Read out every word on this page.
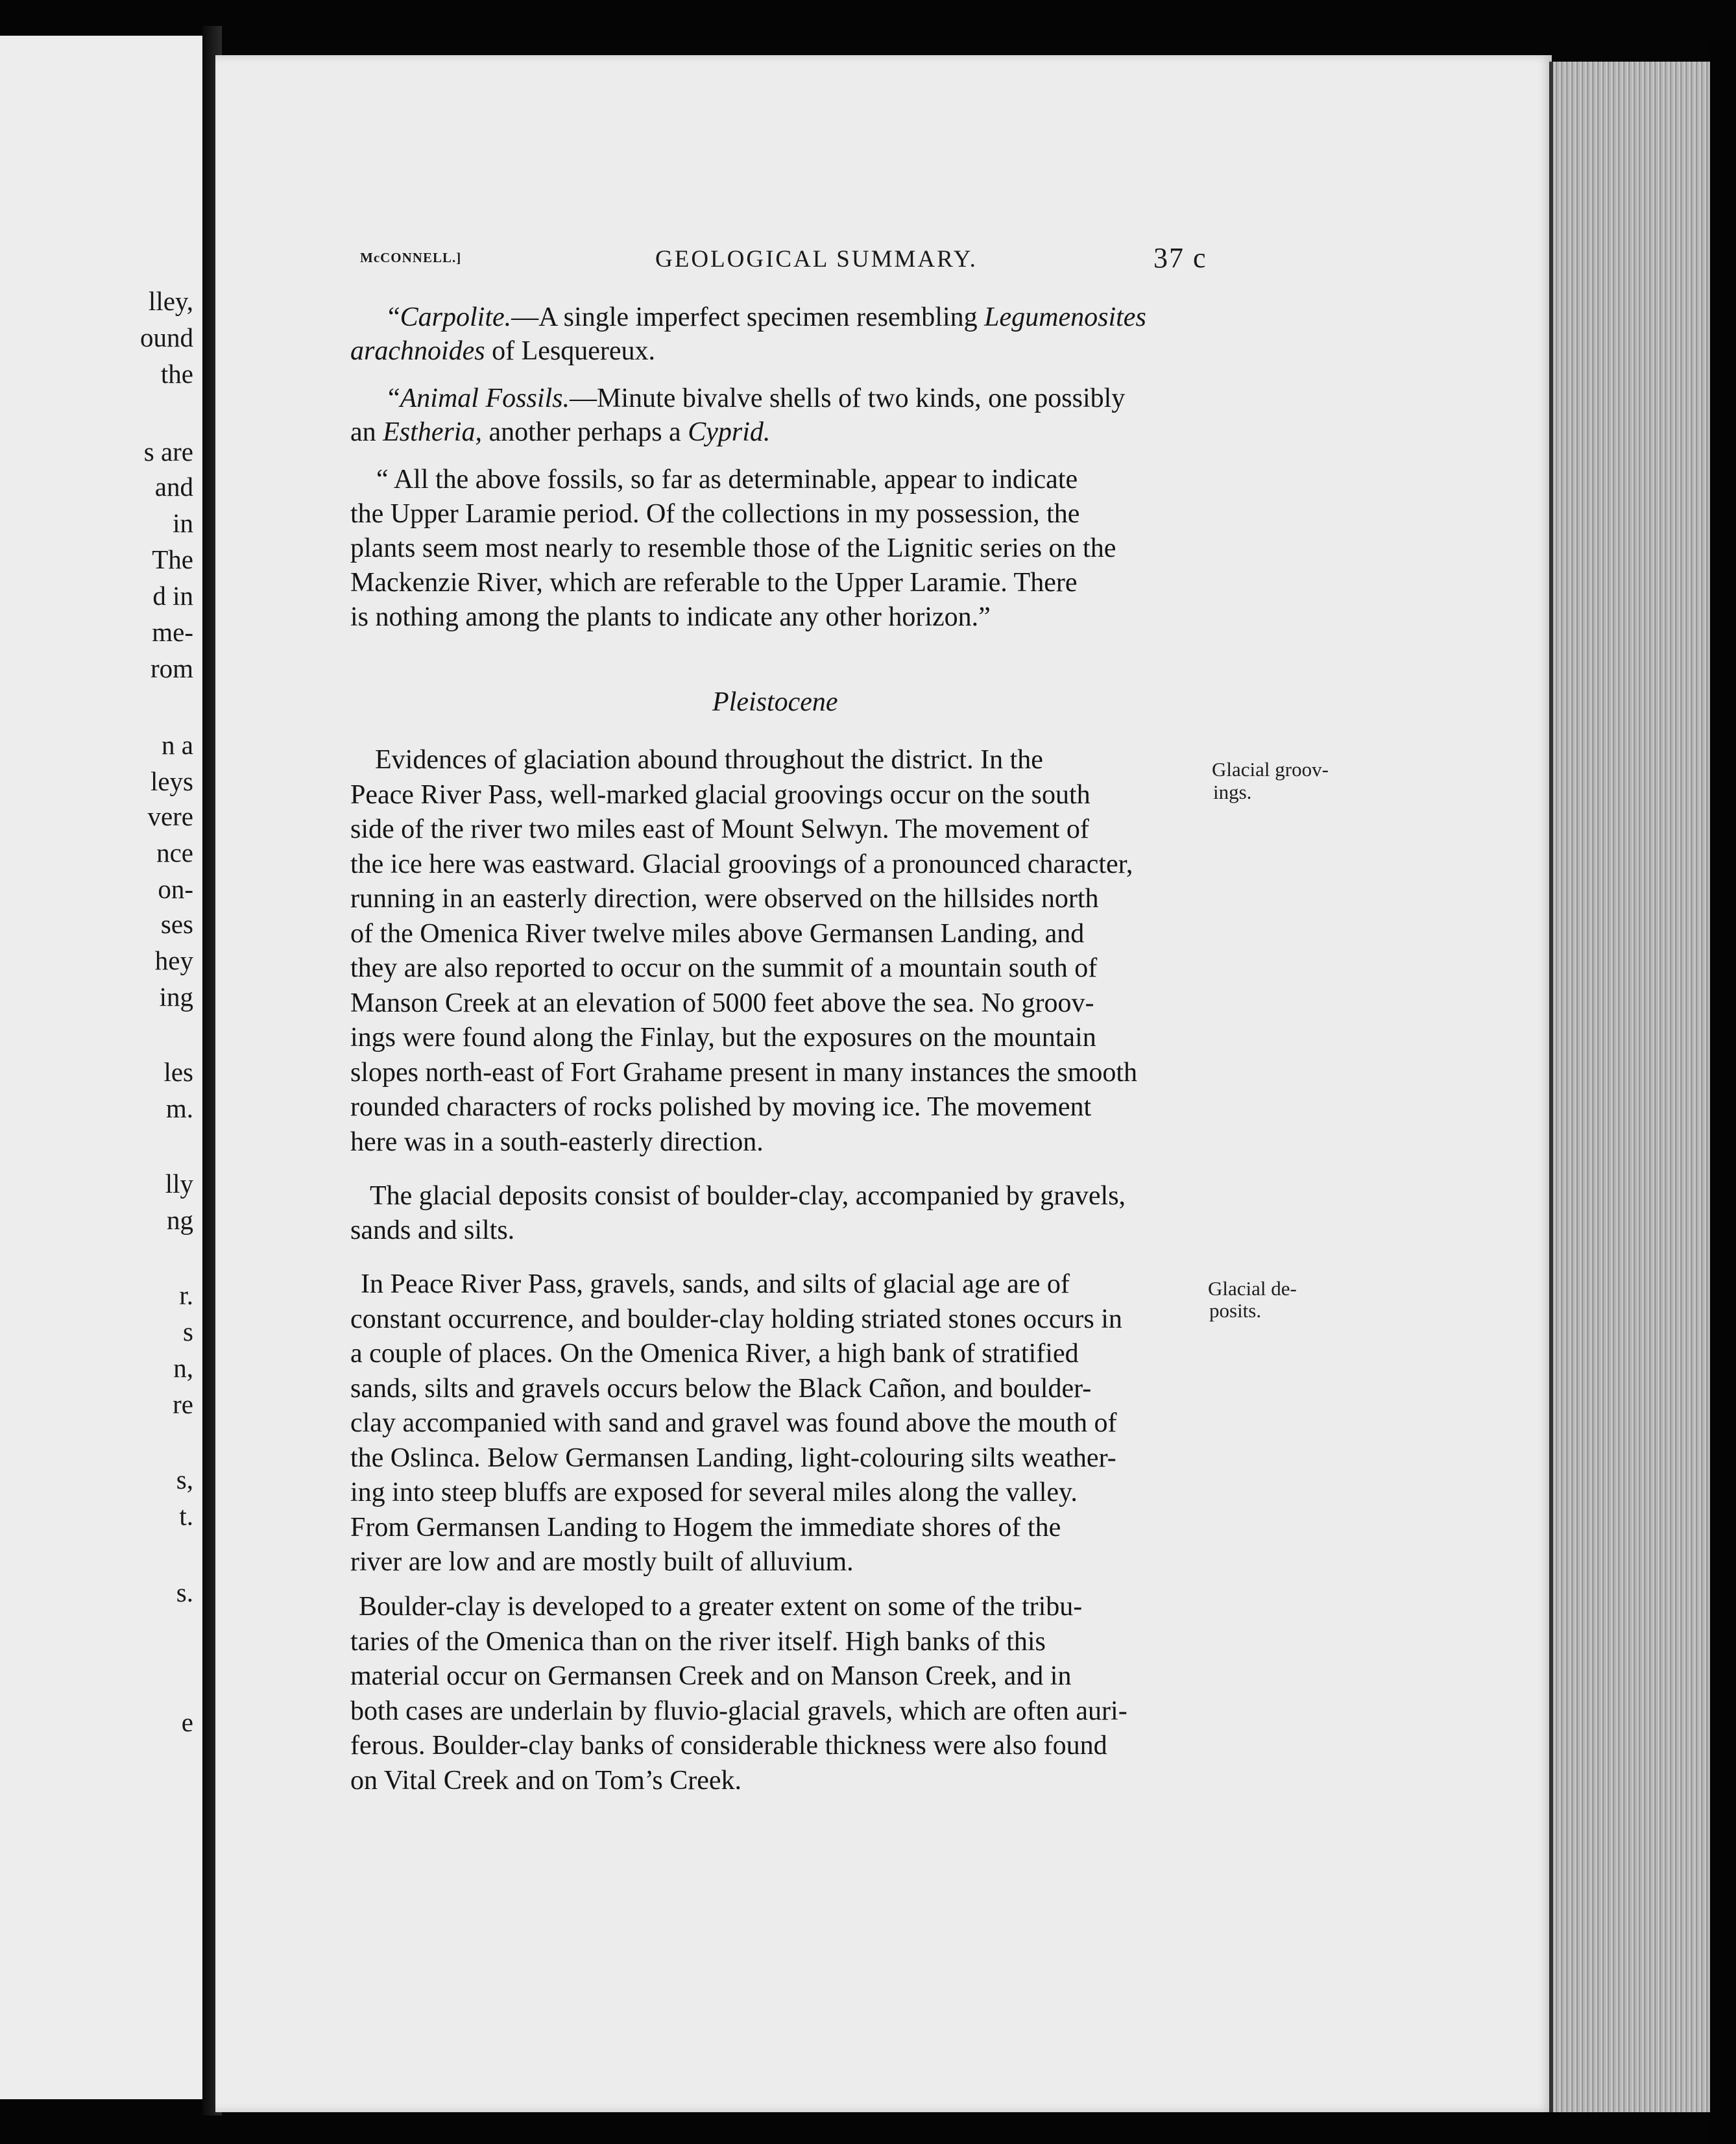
lley,
ound
the
s are
and
in
The
d in
me-
rom
n a
leys
vere
nce
on-
ses
hey
ing
les
m.
lly
ng
r.
s
n,
re
s,
t.
s.
e
McCONNELL.]	GEOLOGICAL SUMMARY.	37 c
“Carpolite.—A single imperfect specimen resembling Legumenosites
arachnoides of Lesquereux.
“Animal Fossils.—Minute bivalve shells of two kinds, one possibly
an Estheria, another perhaps a Cyprid.
“ All the above fossils, so far as determinable, appear to indicate
the Upper Laramie period. Of the collections in my possession, the
plants seem most nearly to resemble those of the Lignitic series on the
Mackenzie River, which are referable to the Upper Laramie. There
is nothing among the plants to indicate any other horizon.”
Pleistocene
Evidences of glaciation abound throughout the district. In the
Peace River Pass, well-marked glacial groovings occur on the south
side of the river two miles east of Mount Selwyn. The movement of
the ice here was eastward. Glacial groovings of a pronounced character,
running in an easterly direction, were observed on the hillsides north
of the Omenica River twelve miles above Germansen Landing, and
they are also reported to occur on the summit of a mountain south of
Manson Creek at an elevation of 5000 feet above the sea. No groov-
ings were found along the Finlay, but the exposures on the mountain
slopes north-east of Fort Grahame present in many instances the smooth
rounded characters of rocks polished by moving ice. The movement
here was in a south-easterly direction.
The glacial deposits consist of boulder-clay, accompanied by gravels,
sands and silts.
In Peace River Pass, gravels, sands, and silts of glacial age are of
constant occurrence, and boulder-clay holding striated stones occurs in
a couple of places. On the Omenica River, a high bank of stratified
sands, silts and gravels occurs below the Black Cañon, and boulder-
clay accompanied with sand and gravel was found above the mouth of
the Oslinca. Below Germansen Landing, light-colouring silts weather-
ing into steep bluffs are exposed for several miles along the valley.
From Germansen Landing to Hogem the immediate shores of the
river are low and are mostly built of alluvium.
Boulder-clay is developed to a greater extent on some of the tribu-
taries of the Omenica than on the river itself. High banks of this
material occur on Germansen Creek and on Manson Creek, and in
both cases are underlain by fluvio-glacial gravels, which are often auri-
ferous. Boulder-clay banks of considerable thickness were also found
on Vital Creek and on Tom’s Creek.
Glacial groov-
ings.
Glacial de-
posits.
